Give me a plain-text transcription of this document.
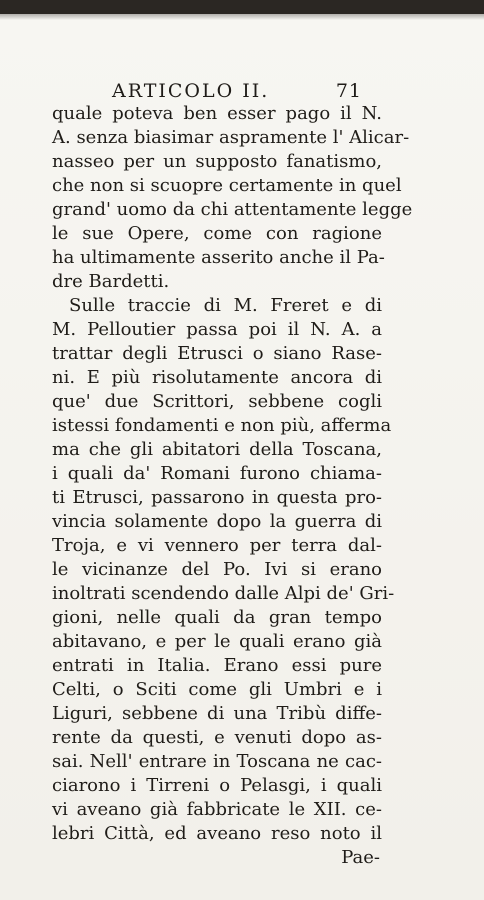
ARTICOLO II.	71
quale poteva ben esser pago il N.
A. senza biasimar aspramente l' Alicar-
nasseo per un supposto fanatismo,
che non si scuopre certamente in quel
grand' uomo da chi attentamente legge
le sue Opere, come con ragione
ha ultimamente asserito anche il Pa-
dre Bardetti.
Sulle traccie di M. Freret e di
M. Pelloutier passa poi il N. A. a
trattar degli Etrusci o siano Rase-
ni. E più risolutamente ancora di
que' due Scrittori, sebbene cogli
istessi fondamenti e non più, afferma
ma che gli abitatori della Toscana,
i quali da' Romani furono chiama-
ti Etrusci, passarono in questa pro-
vincia solamente dopo la guerra di
Troja, e vi vennero per terra dal-
le vicinanze del Po. Ivi si erano
inoltrati scendendo dalle Alpi de' Gri-
gioni, nelle quali da gran tempo
abitavano, e per le quali erano già
entrati in Italia. Erano essi pure
Celti, o Sciti come gli Umbri e i
Liguri, sebbene di una Tribù diffe-
rente da questi, e venuti dopo as-
sai. Nell' entrare in Toscana ne cac-
ciarono i Tirreni o Pelasgi, i quali
vi aveano già fabbricate le XII. ce-
lebri Città, ed aveano reso noto il
Pae-
